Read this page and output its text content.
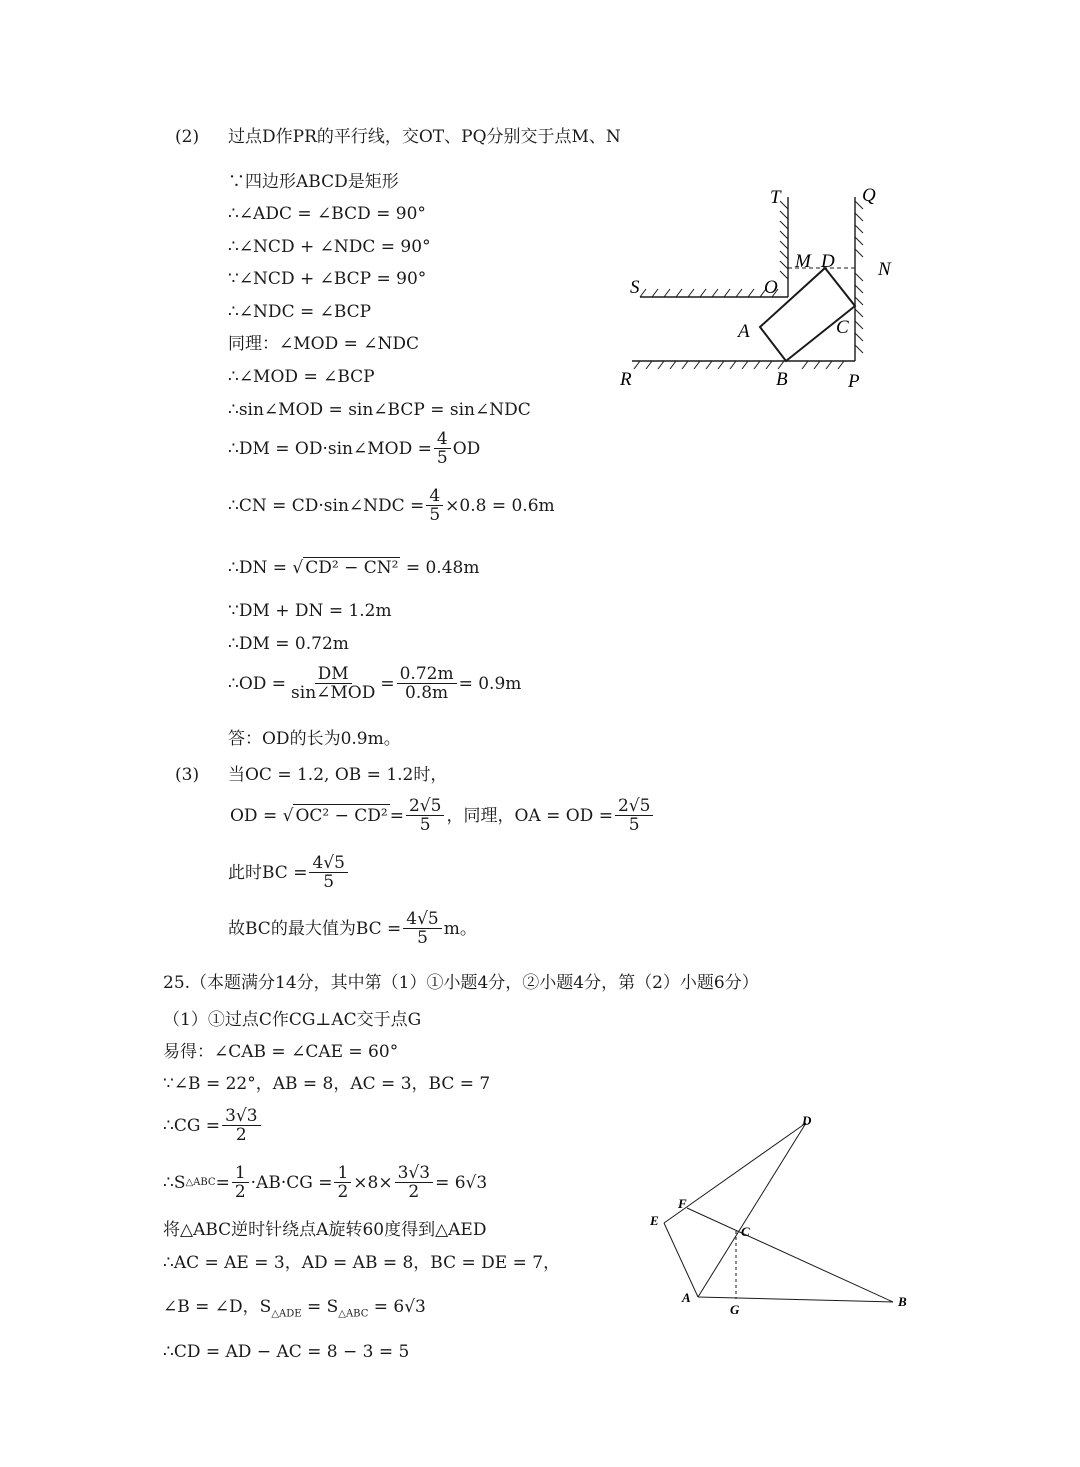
(2) 过点D作PR的平行线，交OT、PQ分别交于点M、N
∵四边形ABCD是矩形
∴∠ADC = ∠BCD = 90°
∴∠NCD + ∠NDC = 90°
∵∠NCD + ∠BCP = 90°
∴∠NDC = ∠BCP
同理：∠MOD = ∠NDC
∴∠MOD = ∠BCP
∴sin∠MOD = sin∠BCP = sin∠NDC
∴DM = OD·sin∠MOD = $\frac{4}{5}$ OD
∴CN = CD·sin∠NDC = $\frac{4}{5} \times 0.8 = 0.6m$
∴DN = √ CD² − CN² = 0.48m
∵DM + DN = 1.2m
∴DM = 0.72m
∴OD = $\frac{DM}{\text{sin∠MOD}} = \frac{0.72m}{0.8m} = 0.9m$
答：OD的长为0.9m。
(3) 当OC = 1.2, OB = 1.2时，
OD = √ $OC^2 - CD^2 = \frac{2√5}{5}$ ，同理，OA = OD = $\frac{2√5}{5}$
此时BC = $\frac{4√5}{5}$
故BC的最大值为BC = $\frac{4√5}{5}$ m。
25.（本题满分14分，其中第（1）①小题4分，②小题4分，第（2）小题6分）
（1）①过点C作CG⊥AC交于点G
易得：∠CAB = ∠CAE = 60°
∵∠B = 22°，AB = 8，AC = 3，BC = 7
∴CG = $\frac{3√3}{2}$
∴S △ABC = $\frac{1}{2} \cdot AB\cdot CG = \frac{1}{2} \times 8\times \frac{3√3}{2} = 6√3$
将△ABC逆时针绕点A旋转60度得到△AED
∴AC = AE = 3，AD = AB = 8，BC = DE = 7，
∠B = ∠D，$S_{\triangle ADE} = S_{\triangle ABC} = 6√3$
∴CD = AD − AC = 8 − 3 = 5
T	Q
M D N
S	O
A	C
R	B	P
D
E
F
C
A
G
B
